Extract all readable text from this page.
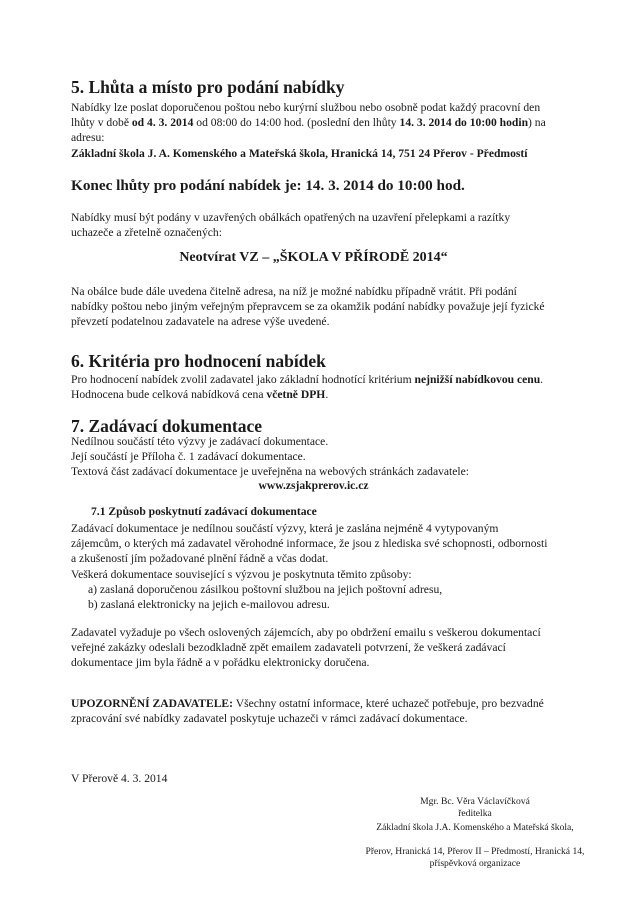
5. Lhůta a místo pro podání nabídky

Nabídky lze poslat doporučenou poštou nebo kurýrní službou nebo osobně podat každý pracovní den lhůty v době od 4. 3. 2014 od 08:00 do 14:00 hod. (poslední den lhůty 14. 3. 2014 do 10:00 hodin) na adresu:

Základní škola J. A. Komenského a Mateřská škola, Hranická 14, 751 24 Přerov - Předmostí

Konec lhůty pro podání nabídek je: 14. 3. 2014 do 10:00 hod.

Nabídky musí být podány v uzavřených obálkách opatřených na uzavření přelepkami a razítky uchazeče a zřetelně označených:

Neotvírat VZ – „ŠKOLA V PŘÍRODĚ 2014“

Na obálce bude dále uvedena čitelně adresa, na níž je možné nabídku případně vrátit. Při podání nabídky poštou nebo jiným veřejným přepravcem se za okamžik podání nabídky považuje její fyzické převzetí podatelnou zadavatele na adrese výše uvedené.

6. Kritéria pro hodnocení nabídek

Pro hodnocení nabídek zvolil zadavatel jako základní hodnotící kritérium nejnižší nabídkovou cenu. Hodnocena bude celková nabídková cena včetně DPH.

7. Zadávací dokumentace

Nedílnou součástí této výzvy je zadávací dokumentace.

Její součástí je Příloha č. 1 zadávací dokumentace.

Textová část zadávací dokumentace je uveřejněna na webových stránkách zadavatele:

www.zsjakprerov.ic.cz

7.1 Způsob poskytnutí zadávací dokumentace

Zadávací dokumentace je nedílnou součástí výzvy, která je zaslána nejméně 4 vytypovaným zájemcům, o kterých má zadavatel věrohodné informace, že jsou z hlediska své schopnosti, odbornosti a zkušeností jím požadované plnění řádně a včas dodat.

Veškerá dokumentace související s výzvou je poskytnuta těmito způsoby:

a) zaslaná doporučenou zásilkou poštovní službou na jejich poštovní adresu,
b) zaslaná elektronicky na jejich e-mailovou adresu.

Zadavatel vyžaduje po všech oslovených zájemcích, aby po obdržení emailu s veškerou dokumentací veřejné zakázky odeslali bezodkladně zpět emailem zadavateli potvrzení, že veškerá zadávací dokumentace jim byla řádně a v pořádku elektronicky doručena.

UPOZORNĚNÍ ZADAVATELE: Všechny ostatní informace, které uchazeč potřebuje, pro bezvadné zpracování své nabídky zadavatel poskytuje uchazeči v rámci zadávací dokumentace.

V Přerově 4. 3. 2014

Mgr. Bc. Věra Václavíčková
ředitelka
Základní škola J.A. Komenského a Mateřská škola,
Přerov, Hranická 14, Přerov II – Předmostí, Hranická 14,
příspěvková organizace
